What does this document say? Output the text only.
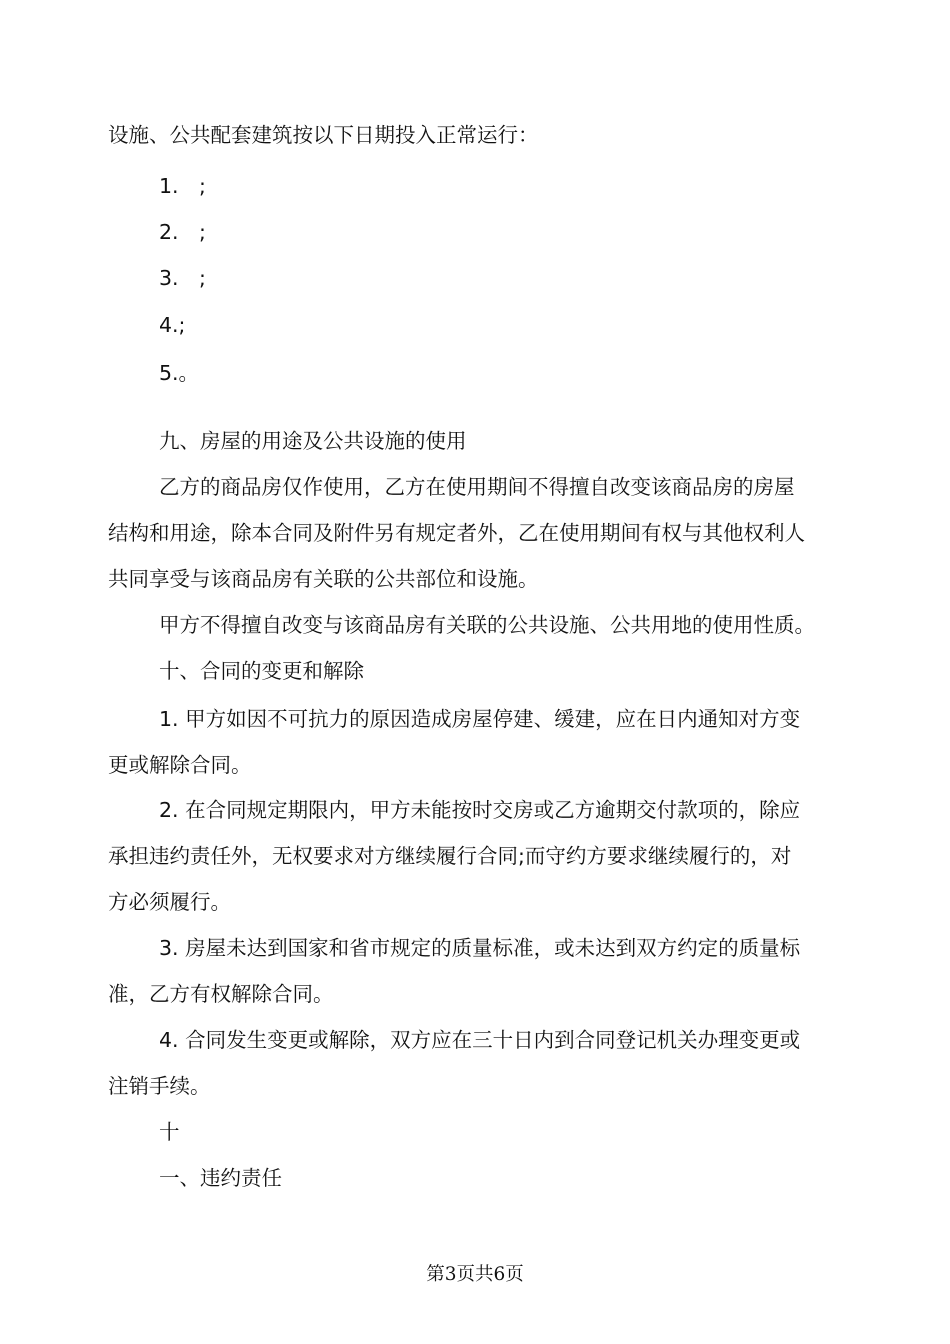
设施、公共配套建筑按以下日期投入正常运行：
1.　;
2.　;
3.　;
4.;
5.。
九、房屋的用途及公共设施的使用
乙方的商品房仅作使用，乙方在使用期间不得擅自改变该商品房的房屋
结构和用途，除本合同及附件另有规定者外，乙在使用期间有权与其他权利人
共同享受与该商品房有关联的公共部位和设施。
甲方不得擅自改变与该商品房有关联的公共设施、公共用地的使用性质。
十、合同的变更和解除
1. 甲方如因不可抗力的原因造成房屋停建、缓建，应在日内通知对方变
更或解除合同。
2. 在合同规定期限内，甲方未能按时交房或乙方逾期交付款项的，除应
承担违约责任外，无权要求对方继续履行合同;而守约方要求继续履行的，对
方必须履行。
3. 房屋未达到国家和省市规定的质量标准，或未达到双方约定的质量标
准，乙方有权解除合同。
4. 合同发生变更或解除，双方应在三十日内到合同登记机关办理变更或
注销手续。
十
一、违约责任
第3页共6页
